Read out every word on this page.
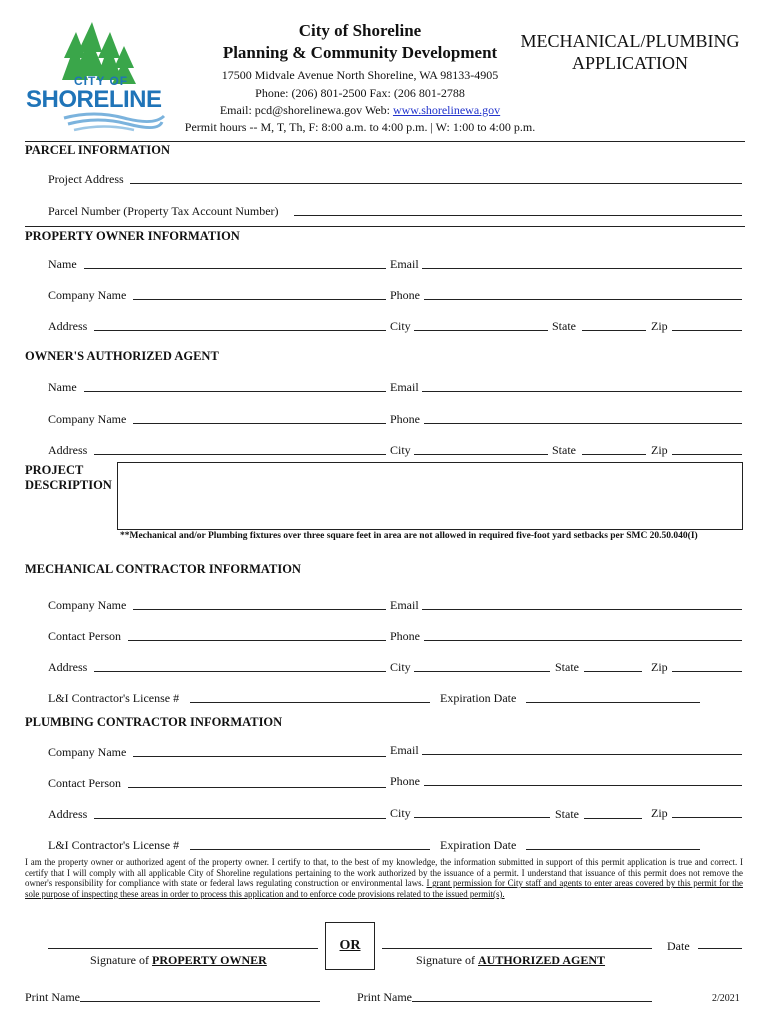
CITY OF
SHORELINE
City of Shoreline
Planning & Community Development
17500 Midvale Avenue North Shoreline, WA 98133-4905
Phone: (206) 801-2500 Fax: (206 801-2788
Email: pcd@shorelinewa.gov Web: www.shorelinewa.gov
Permit hours -- M, T, Th, F: 8:00 a.m. to 4:00 p.m. | W: 1:00 to 4:00 p.m.
MECHANICAL/PLUMBING
APPLICATION
PARCEL INFORMATION
Project Address
Parcel Number (Property Tax Account Number)
PROPERTY OWNER INFORMATION
Name	Email
Company Name	Phone
Address	City	State	Zip
OWNER'S AUTHORIZED AGENT
Name	Email
Company Name	Phone
Address	City	State	Zip
PROJECT
DESCRIPTION
**Mechanical and/or Plumbing fixtures over three square feet in area are not allowed in required five-foot yard setbacks per SMC 20.50.040(I)
MECHANICAL CONTRACTOR INFORMATION
Company Name	Email
Contact Person	Phone
Address	City	State	Zip
L&I Contractor's License #	Expiration Date
PLUMBING CONTRACTOR INFORMATION
Company Name	Email
Contact Person	Phone
Address	City	State	Zip
L&I Contractor's License #	Expiration Date
I am the property owner or authorized agent of the property owner. I certify to that, to the best of my knowledge, the information submitted in support of this permit application is true and correct. I certify that I will comply with all applicable City of Shoreline regulations pertaining to the work authorized by the issuance of a permit. I understand that issuance of this permit does not remove the owner's responsibility for compliance with state or federal laws regulating construction or environmental laws. I grant permission for City staff and agents to enter areas covered by this permit for the sole purpose of inspecting these areas in order to process this application and to enforce code provisions related to the issued permit(s).
Signature of PROPERTY OWNER
OR
Signature of AUTHORIZED AGENT
Date
Print Name	Print Name	2/2021
